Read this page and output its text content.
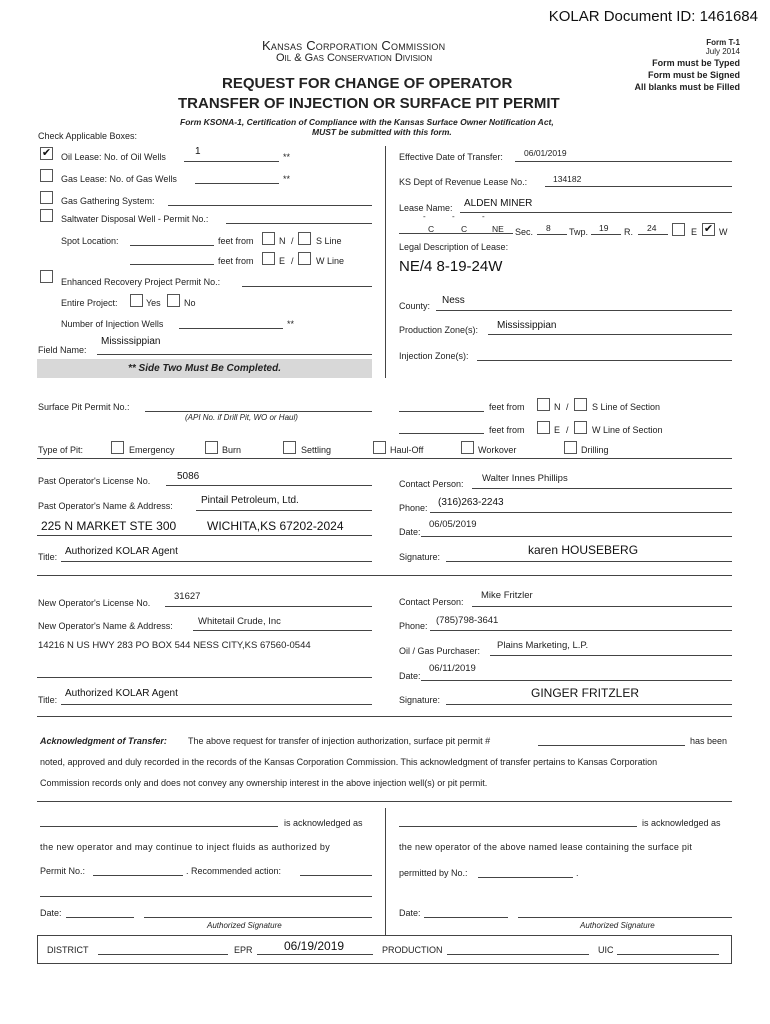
KOLAR Document ID: 1461684
Kansas Corporation Commission
Oil & Gas Conservation Division
REQUEST FOR CHANGE OF OPERATOR
TRANSFER OF INJECTION OR SURFACE PIT PERMIT
Form T-1
July 2014
Form must be Typed
Form must be Signed
All blanks must be Filled
Form KSONA-1, Certification of Compliance with the Kansas Surface Owner Notification Act,
MUST be submitted with this form.
Check Applicable Boxes:
✔ Oil Lease: No. of Oil Wells	1	**
Gas Lease: No. of Gas Wells	**
Gas Gathering System:
Saltwater Disposal Well - Permit No.:
Spot Location:	feet from	N / S Line
feet from	E / W Line
Enhanced Recovery Project Permit No.:
Entire Project:	Yes	No
Number of Injection Wells	**
Field Name:
Mississippian
** Side Two Must Be Completed.
Effective Date of Transfer: 06/01/2019
KS Dept of Revenue Lease No.:	134182
Lease Name: ALDEN MINER
-	-	-
C	C	NE Sec. 8 Twp. 19 R. 24	E ✔ W
Legal Description of Lease:
NE/4 8-19-24W
County: Ness
Production Zone(s): Mississippian
Injection Zone(s):
Surface Pit Permit No.:
(API No. if Drill Pit, WO or Haul)
feet from	N /	S Line of Section
feet from	E /	W Line of Section
Type of Pit:	Emergency	Burn	Settling	Haul-Off	Workover	Drilling
Past Operator's License No.	5086
Past Operator's Name & Address:	Pintail Petroleum, Ltd.
225 N MARKET STE 300	WICHITA,KS 67202-2024
Title: Authorized KOLAR Agent
Contact Person: Walter Innes Phillips
Phone: (316)263-2243
Date:
06/05/2019
Signature:	karen HOUSEBERG
New Operator's License No.
31627
New Operator's Name & Address:	Whitetail Crude, Inc
14216 N US HWY 283 PO BOX 544 NESS CITY,KS 67560-0544
Title:
Authorized KOLAR Agent
Contact Person:
Mike Fritzler
Phone: (785)798-3641
Oil / Gas Purchaser: Plains Marketing, L.P.
Date:
06/11/2019
Signature:	GINGER FRITZLER
Acknowledgment of Transfer: The above request for transfer of injection authorization, surface pit permit #	has been
noted, approved and duly recorded in the records of the Kansas Corporation Commission. This acknowledgment of transfer pertains to Kansas Corporation
Commission records only and does not convey any ownership interest in the above injection well(s) or pit permit.
is acknowledged as
the new operator and may continue to inject fluids as authorized by
Permit No.:	. Recommended action:
Date:
Authorized Signature
is acknowledged as
the new operator of the above named lease containing the surface pit
permitted by No.:	.
Date:
Authorized Signature
DISTRICT	EPR	06/19/2019	PRODUCTION	UIC
